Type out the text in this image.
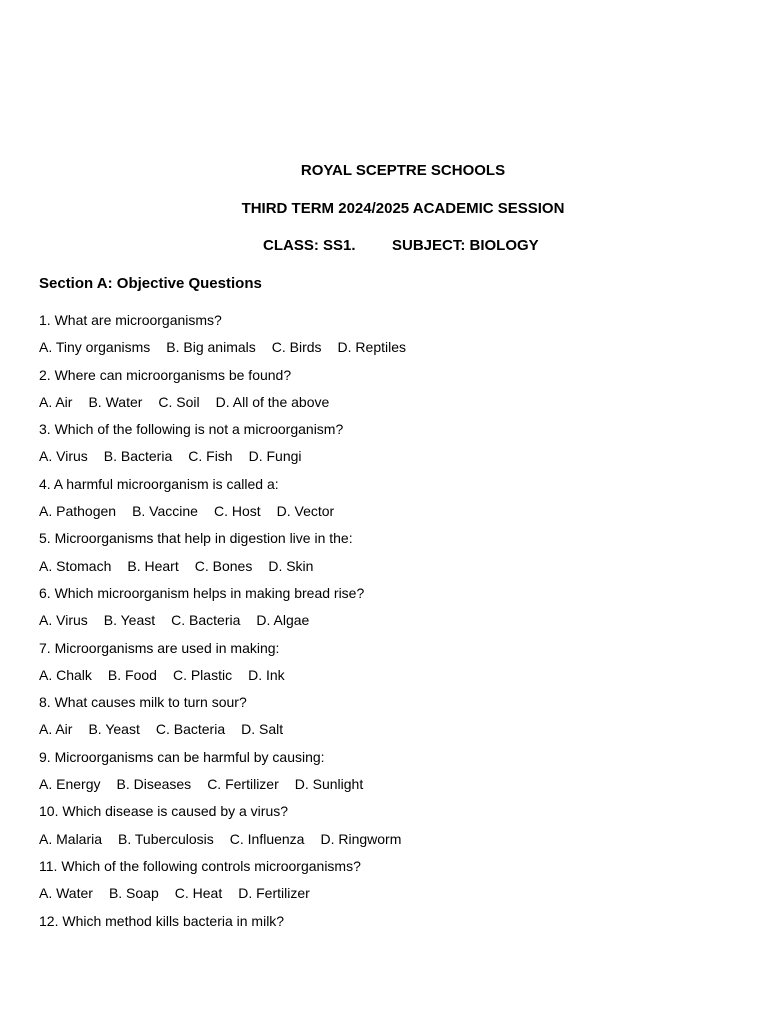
ROYAL SCEPTRE SCHOOLS
THIRD TERM 2024/2025 ACADEMIC SESSION
CLASS: SS1. SUBJECT: BIOLOGY
Section A: Objective Questions
1. What are microorganisms?
A. Tiny organisms B. Big animals C. Birds D. Reptiles
2. Where can microorganisms be found?
A. Air B. Water C. Soil D. All of the above
3. Which of the following is not a microorganism?
A. Virus B. Bacteria C. Fish D. Fungi
4. A harmful microorganism is called a:
A. Pathogen B. Vaccine C. Host D. Vector
5. Microorganisms that help in digestion live in the:
A. Stomach B. Heart C. Bones D. Skin
6. Which microorganism helps in making bread rise?
A. Virus B. Yeast C. Bacteria D. Algae
7. Microorganisms are used in making:
A. Chalk B. Food C. Plastic D. Ink
8. What causes milk to turn sour?
A. Air B. Yeast C. Bacteria D. Salt
9. Microorganisms can be harmful by causing:
A. Energy B. Diseases C. Fertilizer D. Sunlight
10. Which disease is caused by a virus?
A. Malaria B. Tuberculosis C. Influenza D. Ringworm
11. Which of the following controls microorganisms?
A. Water B. Soap C. Heat D. Fertilizer
12. Which method kills bacteria in milk?
